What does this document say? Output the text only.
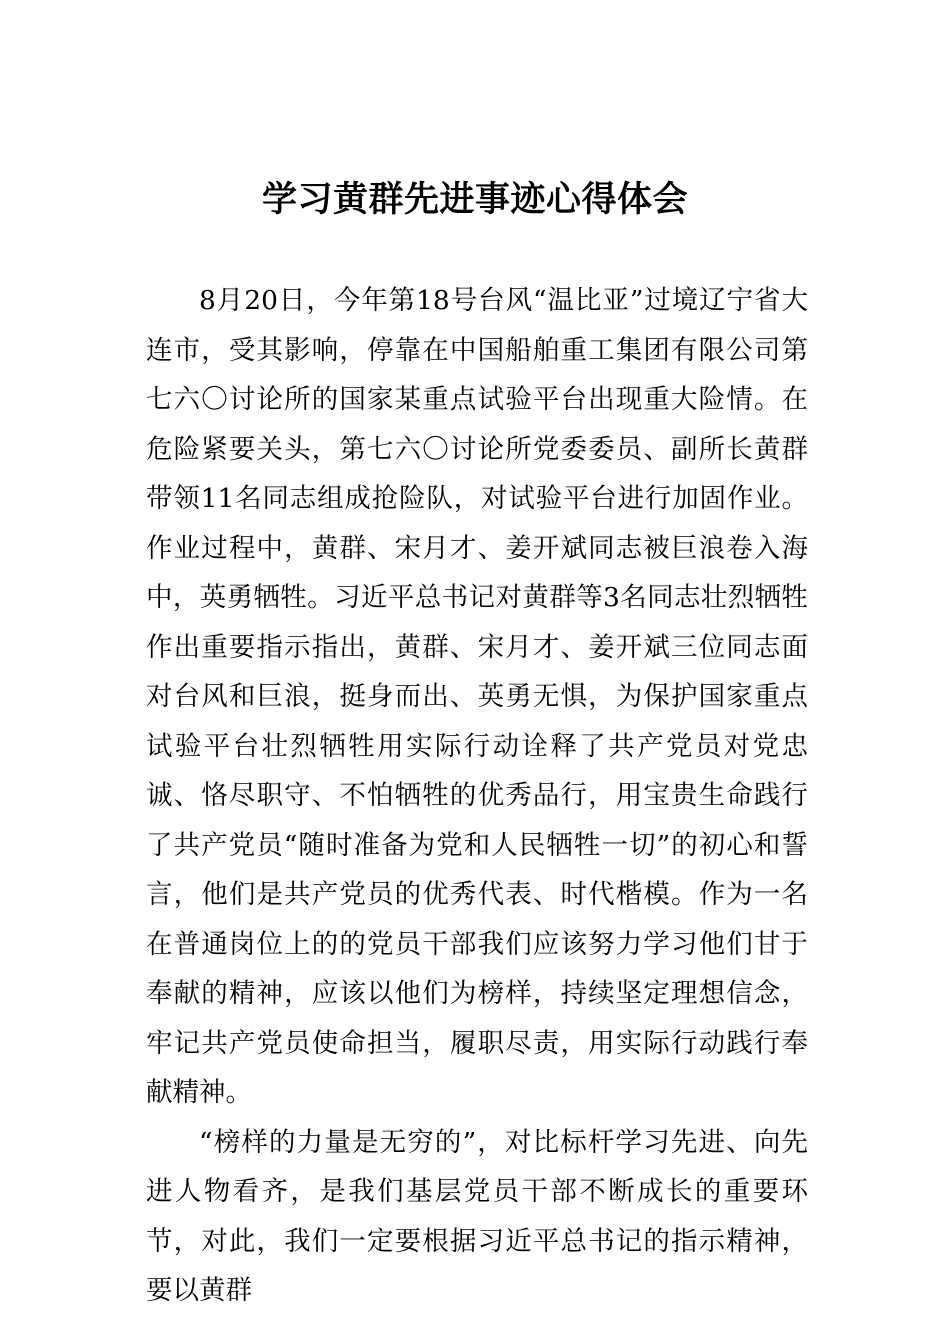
学习黄群先进事迹心得体会

8月20日，今年第18号台风“温比亚”过境辽宁省大连市，受其影响，停靠在中国船舶重工集团有限公司第七六〇讨论所的国家某重点试验平台出现重大险情。在危险紧要关头，第七六〇讨论所党委委员、副所长黄群带领11名同志组成抢险队，对试验平台进行加固作业。作业过程中，黄群、宋月才、姜开斌同志被巨浪卷入海中，英勇牺牲。习近平总书记对黄群等3名同志壮烈牺牲作出重要指示指出，黄群、宋月才、姜开斌三位同志面对台风和巨浪，挺身而出、英勇无惧，为保护国家重点试验平台壮烈牺牲用实际行动诠释了共产党员对党忠诚、恪尽职守、不怕牺牲的优秀品行，用宝贵生命践行了共产党员“随时准备为党和人民牺牲一切”的初心和誓言，他们是共产党员的优秀代表、时代楷模。作为一名在普通岗位上的的党员干部我们应该努力学习他们甘于奉献的精神，应该以他们为榜样，持续坚定理想信念，牢记共产党员使命担当，履职尽责，用实际行动践行奉献精神。

“榜样的力量是无穷的”，对比标杆学习先进、向先进人物看齐，是我们基层党员干部不断成长的重要环节，对此，我们一定要根据习近平总书记的指示精神，要以黄群
